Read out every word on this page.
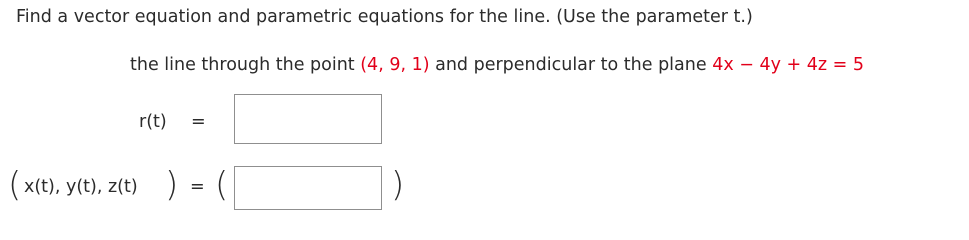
Find a vector equation and parametric equations for the line. (Use the parameter t.)
the line through the point (4, 9, 1) and perpendicular to the plane 4x − 4y + 4z = 5
r(t) =
( x(t), y(t), z(t) ) = (	)
